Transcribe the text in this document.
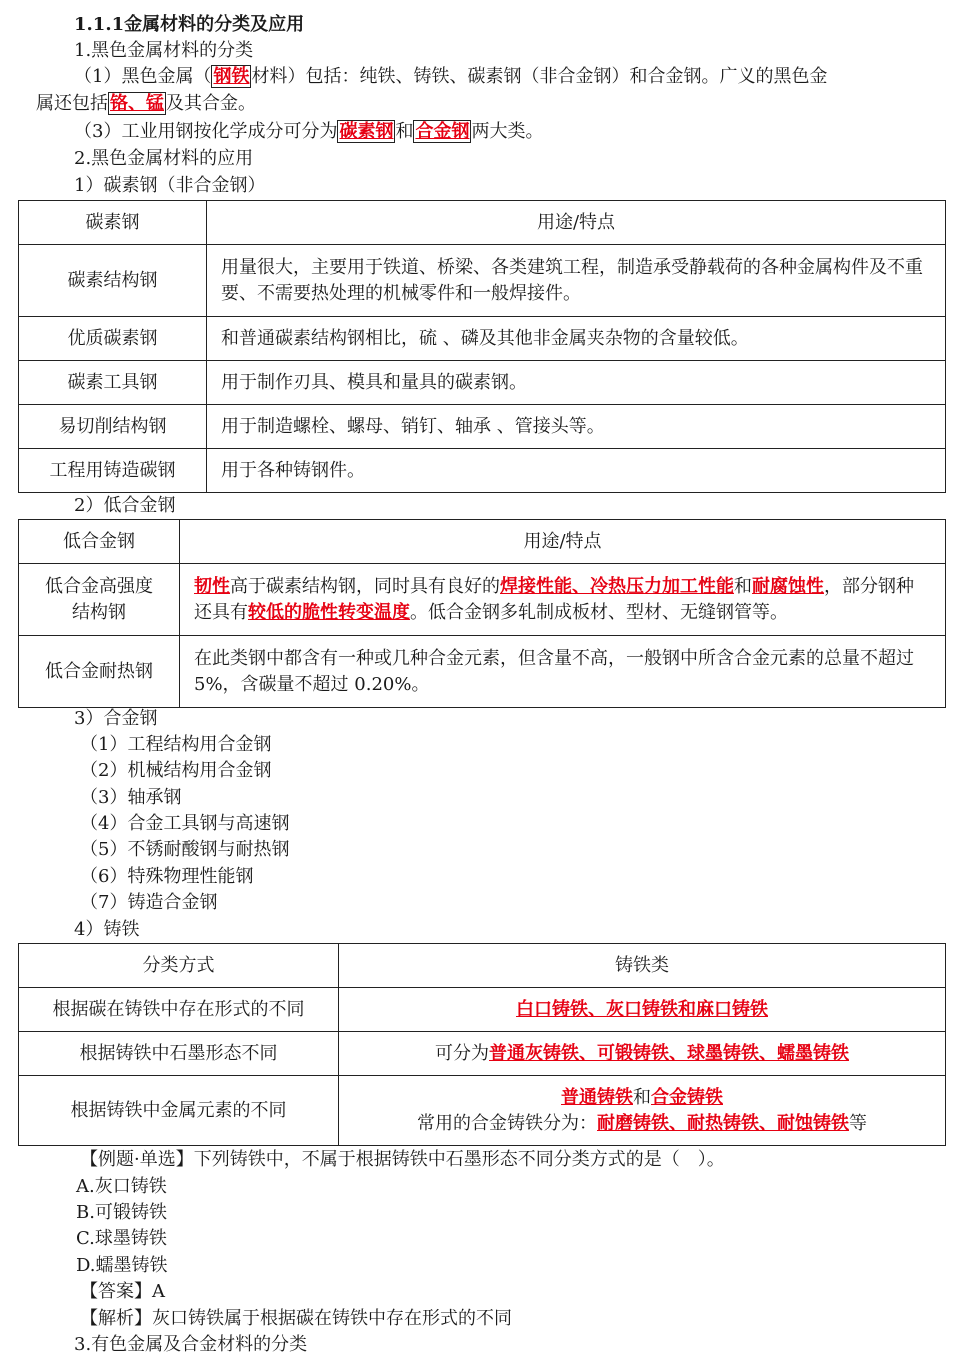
1.1.1金属材料的分类及应用
1.黑色金属材料的分类
（1）黑色金属（ 钢铁 材料）包括：纯铁、铸铁、碳素钢（非合金钢）和合金钢。广义的黑色金
属还包括 铬、锰 及其合金。
（3）工业用钢按化学成分可分为 碳素钢 和 合金钢 两大类。
2.黑色金属材料的应用
1）碳素钢（非合金钢）
碳素钢	用途/特点
碳素结构钢	用量很大，主要用于铁道、桥梁、各类建筑工程，制造承受静载荷的各种金属构件及不重要、不需要热处理的机械零件和一般焊接件。
优质碳素钢	和普通碳素结构钢相比，硫 、磷及其他非金属夹杂物的含量较低。
碳素工具钢	用于制作刃具、模具和量具的碳素钢。
易切削结构钢	用于制造螺栓、螺母、销钉、轴承 、管接头等。
工程用铸造碳钢	用于各种铸钢件。
2）低合金钢
低合金钢	用途/特点

低合金高强度
结构钢	韧性高于碳素结构钢，同时具有良好的焊接性能、冷热压力加工性能和耐腐蚀性，部分钢种还具有较低的脆性转变温度。低合金钢多轧制成板材、型材、无缝钢管等。
低合金耐热钢	在此类钢中都含有一种或几种合金元素，但含量不高，一般钢中所含合金元素的总量不超过 5%，含碳量不超过 0.20%。
3）合金钢
（1）工程结构用合金钢
（2）机械结构用合金钢
（3）轴承钢
（4）合金工具钢与高速钢
（5）不锈耐酸钢与耐热钢
（6）特殊物理性能钢
（7）铸造合金钢
4）铸铁
分类方式	铸铁类
根据碳在铸铁中存在形式的不同	白口铸铁、灰口铸铁和麻口铸铁
根据铸铁中石墨形态不同	可分为普通灰铸铁、可锻铸铁、球墨铸铁、蠕墨铸铁
根据铸铁中金属元素的不同	普通铸铁和合金铸铁
常用的合金铸铁分为：耐磨铸铁、耐热铸铁、耐蚀铸铁等
【例题·单选】下列铸铁中，不属于根据铸铁中石墨形态不同分类方式的是（　）。
A.灰口铸铁
B.可锻铸铁
C.球墨铸铁
D.蠕墨铸铁
【答案】A
【解析】灰口铸铁属于根据碳在铸铁中存在形式的不同
3.有色金属及合金材料的分类
